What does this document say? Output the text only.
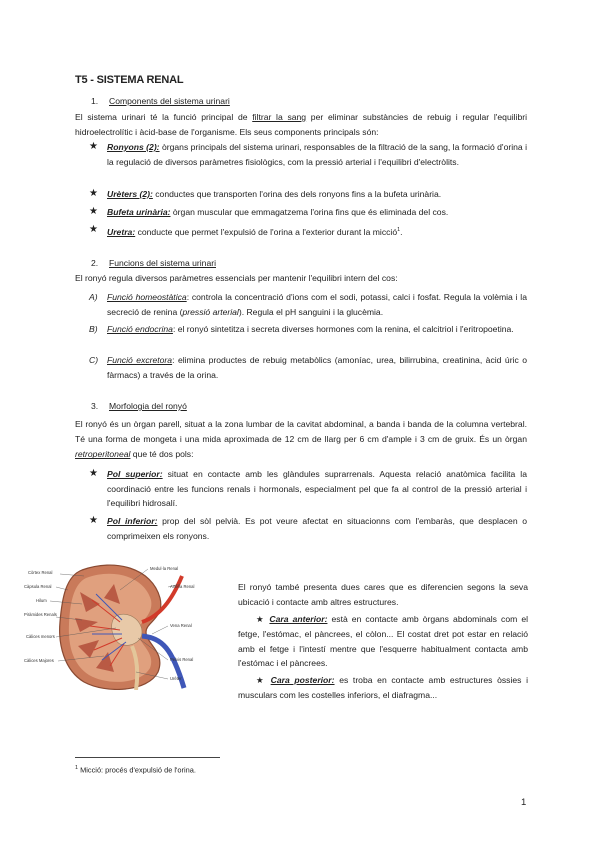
T5 - SISTEMA RENAL
1. Components del sistema urinari
El sistema urinari té la funció principal de filtrar la sang per eliminar substàncies de rebuig i regular l'equilibri hidroelectrolític i àcid-base de l'organisme. Els seus components principals són:
★ Ronyons (2): òrgans principals del sistema urinari, responsables de la filtració de la sang, la formació d'orina i la regulació de diversos paràmetres fisiològics, com la pressió arterial i l'equilibri d'electròlits.
★ Urèters (2): conductes que transporten l'orina des dels ronyons fins a la bufeta urinària.
★ Bufeta urinària: òrgan muscular que emmagatzema l'orina fins que és eliminada del cos.
★ Uretra: conducte que permet l'expulsió de l'orina a l'exterior durant la micció$^1$.
2. Funcions del sistema urinari
El ronyó regula diversos paràmetres essencials per mantenir l'equilibri intern del cos:
A) Funció homeostàtica: controla la concentració d'ions com el sodi, potassi, calci i fosfat. Regula la volèmia i la secreció de renina (pressió arterial). Regula el pH sanguini i la glucèmia.
B) Funció endocrina: el ronyó sintetitza i secreta diverses hormones com la renina, el calcitriol i l'eritropoetina.
C) Funció excretora: elimina productes de rebuig metabòlics (amoníac, urea, bilirrubina, creatinina, àcid úric o fàrmacs) a través de la orina.
3. Morfologia del ronyó
El ronyó és un òrgan parell, situat a la zona lumbar de la cavitat abdominal, a banda i banda de la columna vertebral. Té una forma de mongeta i una mida aproximada de 12 cm de llarg per 6 cm d'ample i 3 cm de gruix. És un òrgan retroperitoneal que té dos pols:
★ Pol superior: situat en contacte amb les glàndules suprarrenals. Aquesta relació anatòmica facilita la coordinació entre les funcions renals i hormonals, especialment pel que fa al control de la pressió arterial i l'equilibri hidrosalí.
★ Pol inferior: prop del sòl pelvià. Es pot veure afectat en situacionns com l'embaràs, que desplacen o comprimeixen els ronyons.
Còrtex Renal
Càpsula Renal
Hilum
Piràmides Renals
Càlices menors
Càlices Majores
Medul·la Renal
Artèria Renal
Vena Renal
Pelvis Renal
Urèter
El ronyó també presenta dues cares que es diferencien segons la seva ubicació i contacte amb altres estructures.
★ Cara anterior: està en contacte amb òrgans abdominals com el fetge, l'estómac, el pàncrees, el còlon... El costat dret pot estar en relació amb el fetge i l'intestí mentre que l'esquerre habitualment contacta amb l'estómac i el pàncrees.
★ Cara posterior: es troba en contacte amb estructures òssies i musculars com les costelles inferiors, el diafragma...
$^1$ Micció: procés d'expulsió de l'orina.
1
